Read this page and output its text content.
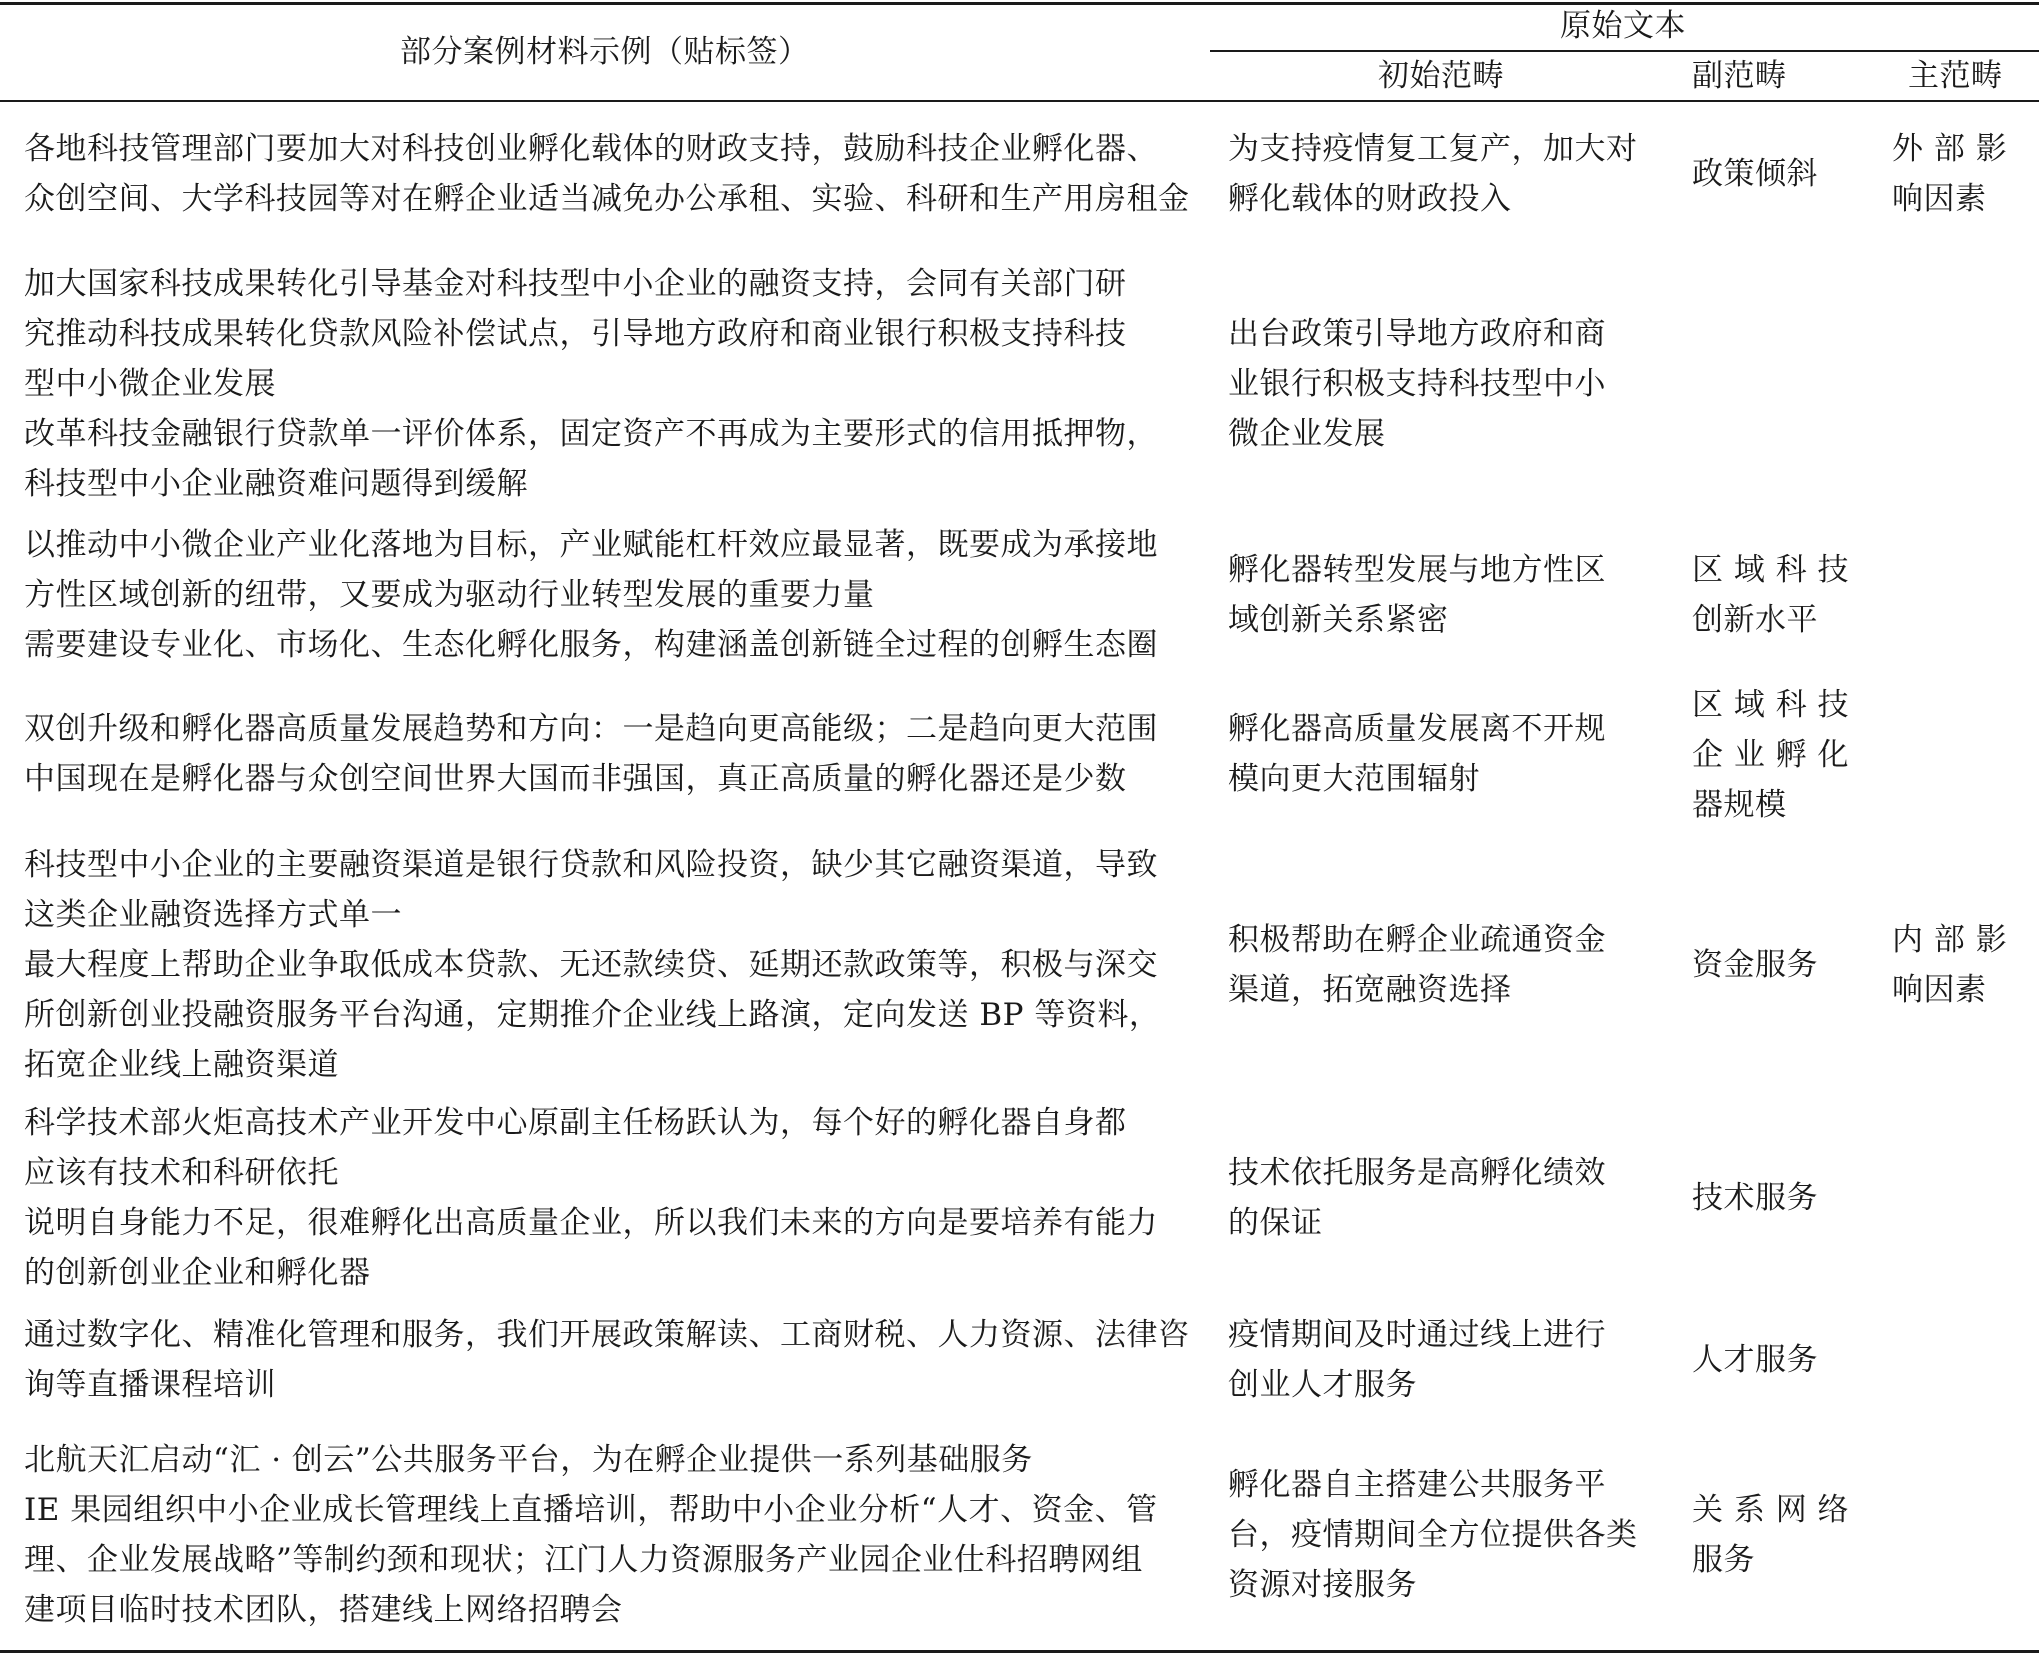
部分案例材料示例（贴标签）
原始文本
初始范畴	副范畴	主范畴
各地科技管理部门要加大对科技创业孵化载体的财政支持，鼓励科技企业孵化器、
众创空间、大学科技园等对在孵企业适当减免办公承租、实验、科研和生产用房租金
为支持疫情复工复产，加大对
孵化载体的财政投入
政策倾斜
外 部 影
响因素
加大国家科技成果转化引导基金对科技型中小企业的融资支持，会同有关部门研
究推动科技成果转化贷款风险补偿试点，引导地方政府和商业银行积极支持科技
型中小微企业发展
改革科技金融银行贷款单一评价体系，固定资产不再成为主要形式的信用抵押物，
科技型中小企业融资难问题得到缓解
出台政策引导地方政府和商
业银行积极支持科技型中小
微企业发展
以推动中小微企业产业化落地为目标，产业赋能杠杆效应最显著，既要成为承接地
方性区域创新的纽带，又要成为驱动行业转型发展的重要力量
需要建设专业化、市场化、生态化孵化服务，构建涵盖创新链全过程的创孵生态圈
孵化器转型发展与地方性区
域创新关系紧密
区 域 科 技
创新水平
双创升级和孵化器高质量发展趋势和方向：一是趋向更高能级；二是趋向更大范围
中国现在是孵化器与众创空间世界大国而非强国，真正高质量的孵化器还是少数
孵化器高质量发展离不开规
模向更大范围辐射
区 域 科 技
企 业 孵 化
器规模
科技型中小企业的主要融资渠道是银行贷款和风险投资，缺少其它融资渠道，导致
这类企业融资选择方式单一
最大程度上帮助企业争取低成本贷款、无还款续贷、延期还款政策等，积极与深交
所创新创业投融资服务平台沟通，定期推介企业线上路演，定向发送 BP 等资料，
拓宽企业线上融资渠道
积极帮助在孵企业疏通资金
渠道，拓宽融资选择
资金服务
内 部 影
响因素
科学技术部火炬高技术产业开发中心原副主任杨跃认为，每个好的孵化器自身都
应该有技术和科研依托
说明自身能力不足，很难孵化出高质量企业，所以我们未来的方向是要培养有能力
的创新创业企业和孵化器
技术依托服务是高孵化绩效
的保证
技术服务
通过数字化、精准化管理和服务，我们开展政策解读、工商财税、人力资源、法律咨
询等直播课程培训
疫情期间及时通过线上进行
创业人才服务
人才服务
北航天汇启动“汇 · 创云”公共服务平台，为在孵企业提供一系列基础服务
IE 果园组织中小企业成长管理线上直播培训，帮助中小企业分析“人才、资金、管
理、企业发展战略”等制约颈和现状；江门人力资源服务产业园企业仕科招聘网组
建项目临时技术团队，搭建线上网络招聘会
孵化器自主搭建公共服务平
台，疫情期间全方位提供各类
资源对接服务
关 系 网 络
服务
